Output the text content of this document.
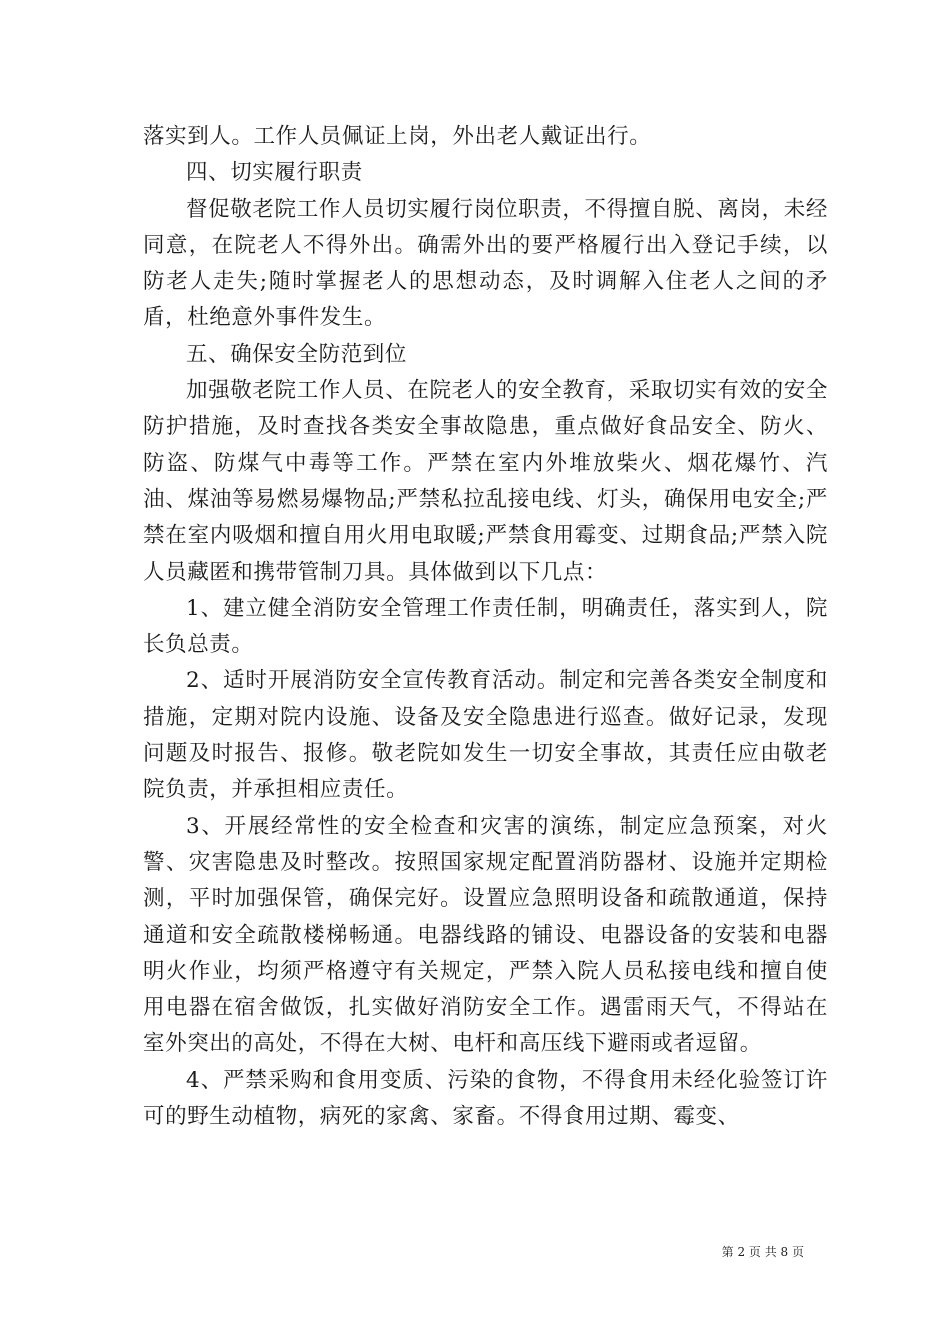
落实到人。工作人员佩证上岗，外出老人戴证出行。

四、切实履行职责

督促敬老院工作人员切实履行岗位职责，不得擅自脱、离岗，未经同意，在院老人不得外出。确需外出的要严格履行出入登记手续，以防老人走失;随时掌握老人的思想动态，及时调解入住老人之间的矛盾，杜绝意外事件发生。

五、确保安全防范到位

加强敬老院工作人员、在院老人的安全教育，采取切实有效的安全防护措施，及时查找各类安全事故隐患，重点做好食品安全、防火、防盗、防煤气中毒等工作。严禁在室内外堆放柴火、烟花爆竹、汽油、煤油等易燃易爆物品;严禁私拉乱接电线、灯头，确保用电安全;严禁在室内吸烟和擅自用火用电取暖;严禁食用霉变、过期食品;严禁入院人员藏匿和携带管制刀具。具体做到以下几点：

1、建立健全消防安全管理工作责任制，明确责任，落实到人，院长负总责。

2、适时开展消防安全宣传教育活动。制定和完善各类安全制度和措施，定期对院内设施、设备及安全隐患进行巡查。做好记录，发现问题及时报告、报修。敬老院如发生一切安全事故，其责任应由敬老院负责，并承担相应责任。

3、开展经常性的安全检查和灾害的演练，制定应急预案，对火警、灾害隐患及时整改。按照国家规定配置消防器材、设施并定期检测，平时加强保管，确保完好。设置应急照明设备和疏散通道，保持通道和安全疏散楼梯畅通。电器线路的铺设、电器设备的安装和电器明火作业，均须严格遵守有关规定，严禁入院人员私接电线和擅自使用电器在宿舍做饭，扎实做好消防安全工作。遇雷雨天气，不得站在室外突出的高处，不得在大树、电杆和高压线下避雨或者逗留。

4、严禁采购和食用变质、污染的食物，不得食用未经化验签订许可的野生动植物，病死的家禽、家畜。不得食用过期、霉变、

第 2 页 共 8 页
